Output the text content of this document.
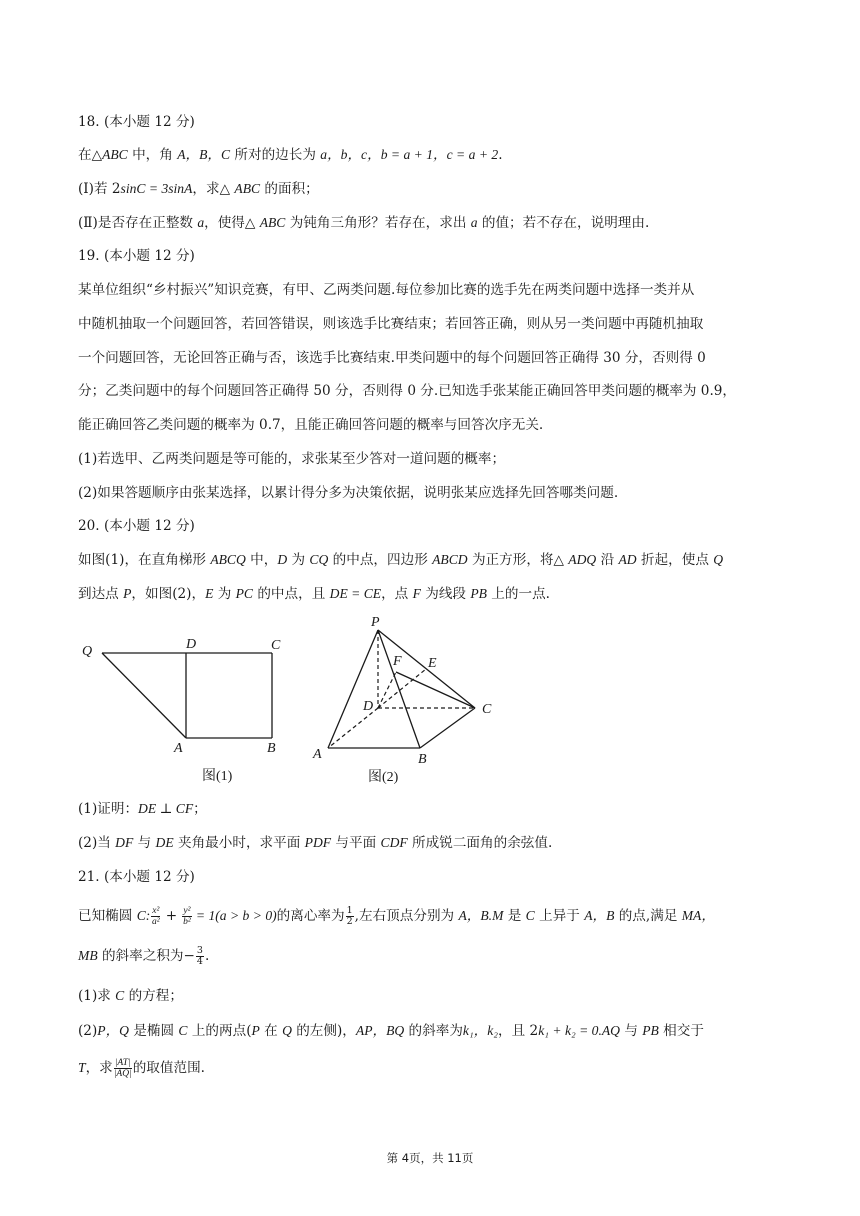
18. (本小题 12 分)
在△ABC 中，角 A，B，C 所对的边长为 a，b，c，b = a + 1，c = a + 2.
(Ⅰ)若 2sinC = 3sinA，求△ ABC 的面积；
(Ⅱ)是否存在正整数 a，使得△ ABC 为钝角三角形？若存在，求出 a 的值；若不存在，说明理由.
19. (本小题 12 分)
某单位组织“乡村振兴”知识竞赛，有甲、乙两类问题.每位参加比赛的选手先在两类问题中选择一类并从
中随机抽取一个问题回答，若回答错误，则该选手比赛结束；若回答正确，则从另一类问题中再随机抽取
一个问题回答，无论回答正确与否，该选手比赛结束.甲类问题中的每个问题回答正确得 30 分，否则得 0
分；乙类问题中的每个问题回答正确得 50 分，否则得 0 分.已知选手张某能正确回答甲类问题的概率为 0.9，
能正确回答乙类问题的概率为 0.7，且能正确回答问题的概率与回答次序无关.
(1)若选甲、乙两类问题是等可能的，求张某至少答对一道问题的概率；
(2)如果答题顺序由张某选择，以累计得分多为决策依据，说明张某应选择先回答哪类问题.
20. (本小题 12 分)
如图(1)，在直角梯形 ABCQ 中，D 为 CQ 的中点，四边形 ABCD 为正方形，将△ ADQ 沿 AD 折起，使点 Q
到达点 P，如图(2)，E 为 PC 的中点，且 DE = CE，点 F 为线段 PB 上的一点.
Q	D	C
A	B
图(1)
P
F E
D	C
A	B
图(2)
(1)证明：DE ⊥ CF；
(2)当 DF 与 DE 夹角最小时，求平面 PDF 与平面 CDF 所成锐二面角的余弦值.
21. (本小题 12 分)
已知椭圆 C: $\frac{\text{x²}}{\text{a²}} + \frac{\text{y²}}{\text{b²}} = 1(a > b > 0)$的离心率为 $\frac{1}{2}$ ,左右顶点分别为 A，B.M 是 C 上异于 A，B 的点,满足 MA，
MB 的斜率之积为− $\frac{3}{4}$ .
(1)求 C 的方程；
(2)P，Q 是椭圆 C 上的两点(P 在 Q 的左侧)，AP，BQ 的斜率为k₁，k₂，且 2k₁ + k₂ = 0.AQ 与 PB 相交于
T，求 $\frac{|AT|}{|AQ|}$ 的取值范围.
第 4页，共 11页
